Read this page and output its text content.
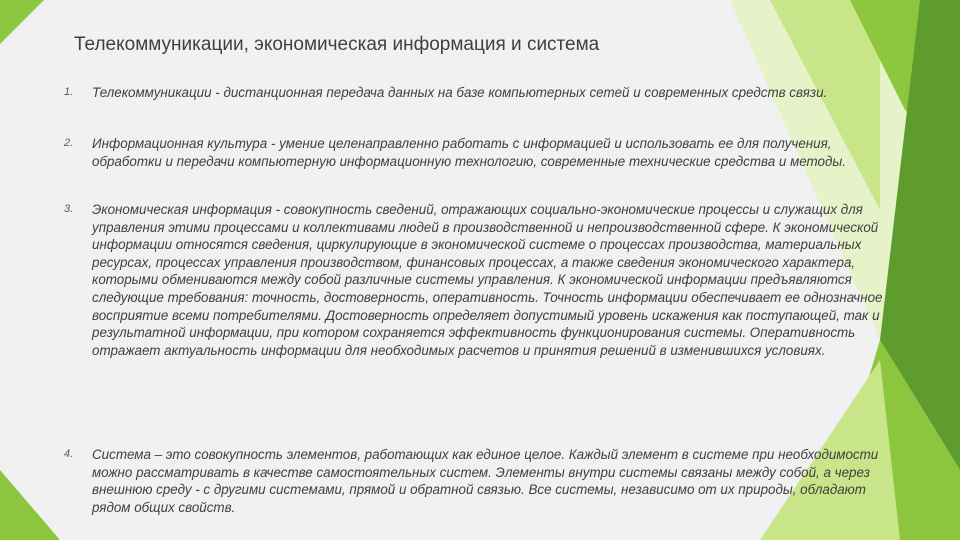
Телекоммуникации, экономическая информация и система
1. Телекоммуникации - дистанционная передача данных на базе компьютерных сетей и современных средств связи.
2. Информационная культура - умение целенаправленно работать с информацией и использовать ее для получения, обработки и передачи компьютерную информационную технологию, современные технические средства и методы.
3. Экономическая информация - совокупность сведений, отражающих социально-экономические процессы и служащих для управления этими процессами и коллективами людей в производственной и непроизводственной сфере. К экономической информации относятся сведения, циркулирующие в экономической системе о процессах производства, материальных ресурсах, процессах управления производством, финансовых процессах, а также сведения экономического характера, которыми обмениваются между собой различные системы управления. К экономической информации предъявляются следующие требования: точность, достоверность, оперативность. Точность информации обеспечивает ее однозначное восприятие всеми потребителями. Достоверность определяет допустимый уровень искажения как поступающей, так и результатной информации, при котором сохраняется эффективность функционирования системы. Оперативность отражает актуальность информации для необходимых расчетов и принятия решений в изменившихся условиях.
4. Система – это совокупность элементов, работающих как единое целое. Каждый элемент в системе при необходимости можно рассматривать в качестве самостоятельных систем. Элементы внутри системы связаны между собой, а через внешнюю среду - с другими системами, прямой и обратной связью. Все системы, независимо от их природы, обладают рядом общих свойств.
